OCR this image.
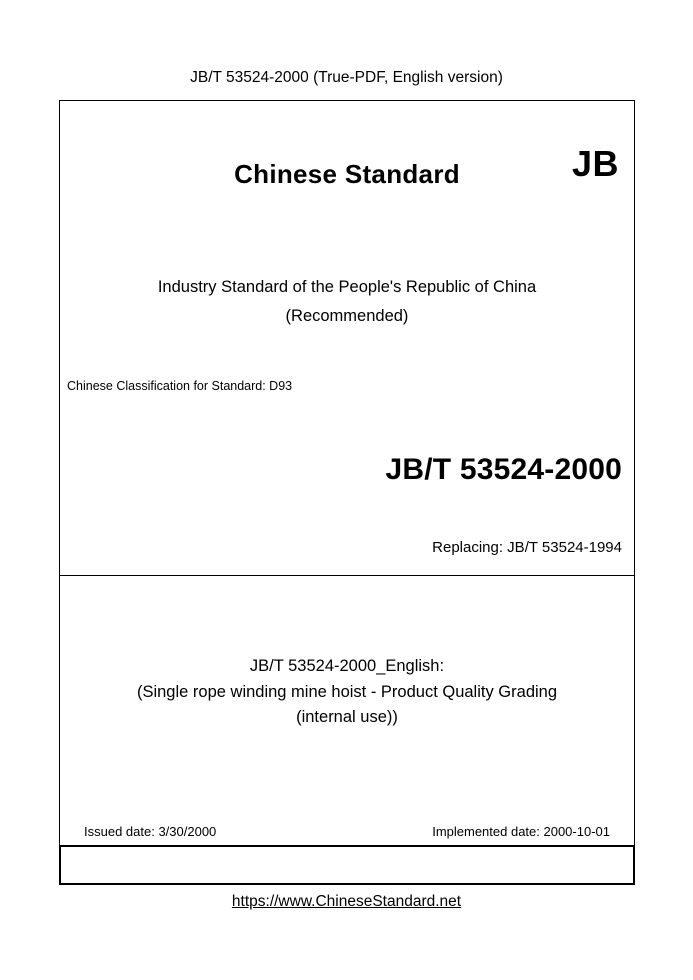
JB/T 53524-2000 (True-PDF, English version)
Chinese Standard	JB
Industry Standard of the People's Republic of China
(Recommended)
Chinese Classification for Standard: D93
JB/T 53524-2000
Replacing: JB/T 53524-1994
JB/T 53524-2000_English:
(Single rope winding mine hoist - Product Quality Grading
(internal use))
Issued date: 3/30/2000	Implemented date: 2000-10-01
https://www.ChineseStandard.net
